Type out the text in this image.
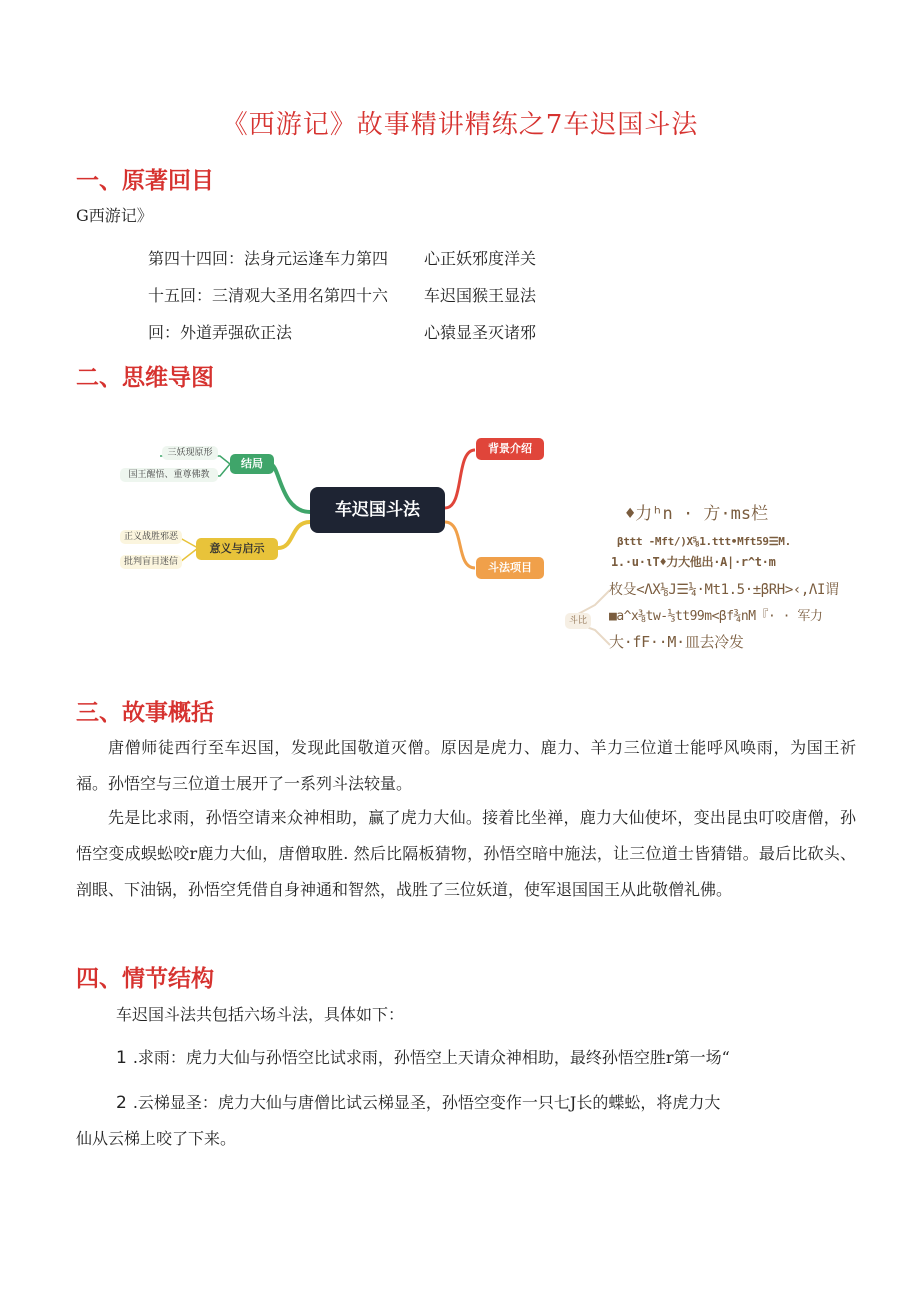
《西游记》故事精讲精练之7车迟国斗法
一、原著回目
G西游记》
第四十四回：法身元运逢车力第四
十五回：三清观大圣用名第四十六
回：外道弄强砍正法
心正妖邪度洋关
车迟国猴王显法
心猿显圣灭诸邪
二、思维导图
车迟国斗法
结局
意义与启示
背景介绍
斗法项目
三妖现原形
国王醒悟、重尊佛教
正义战胜邪恶
批判盲目迷信
斗比
♦力ʰn · 方·ms栏
βttt -Mft/)X⅝1.ttt•Mft59☰M.
1.·u·ιT♦力大他出·A|·r^t·m
枚殳<ΛX⅛J☰¼·Mt1.5·±βRH>‹,ΛI谓
■a^x⅜tw-⅓tt99m<βf¾nM『· · 军力
大·fF··M·皿去冷发
三、故事概括
唐僧师徒西行至车迟国，发现此国敬道灭僧。原因是虎力、鹿力、羊力三位道士能呼风唤雨，为国王祈福。孙悟空与三位道士展开了一系列斗法较量。
先是比求雨，孙悟空请来众神相助，赢了虎力大仙。接着比坐禅，鹿力大仙使坏，变出昆虫叮咬唐僧，孙悟空变成蜈蚣咬r鹿力大仙，唐僧取胜. 然后比隔板猜物，孙悟空暗中施法，让三位道士皆猜错。最后比砍头、剖眼、下油锅，孙悟空凭借自身神通和智然，战胜了三位妖道，使军退国国王从此敬僧礼佛。
四、情节结构
车迟国斗法共包括六场斗法，具体如下：
1 .求雨：虎力大仙与孙悟空比试求雨，孙悟空上天请众神相助，最终孙悟空胜r第一场“
2 .云梯显圣：虎力大仙与唐僧比试云梯显圣，孙悟空变作一只七J长的蝶蚣，将虎力大
仙从云梯上咬了下来。
